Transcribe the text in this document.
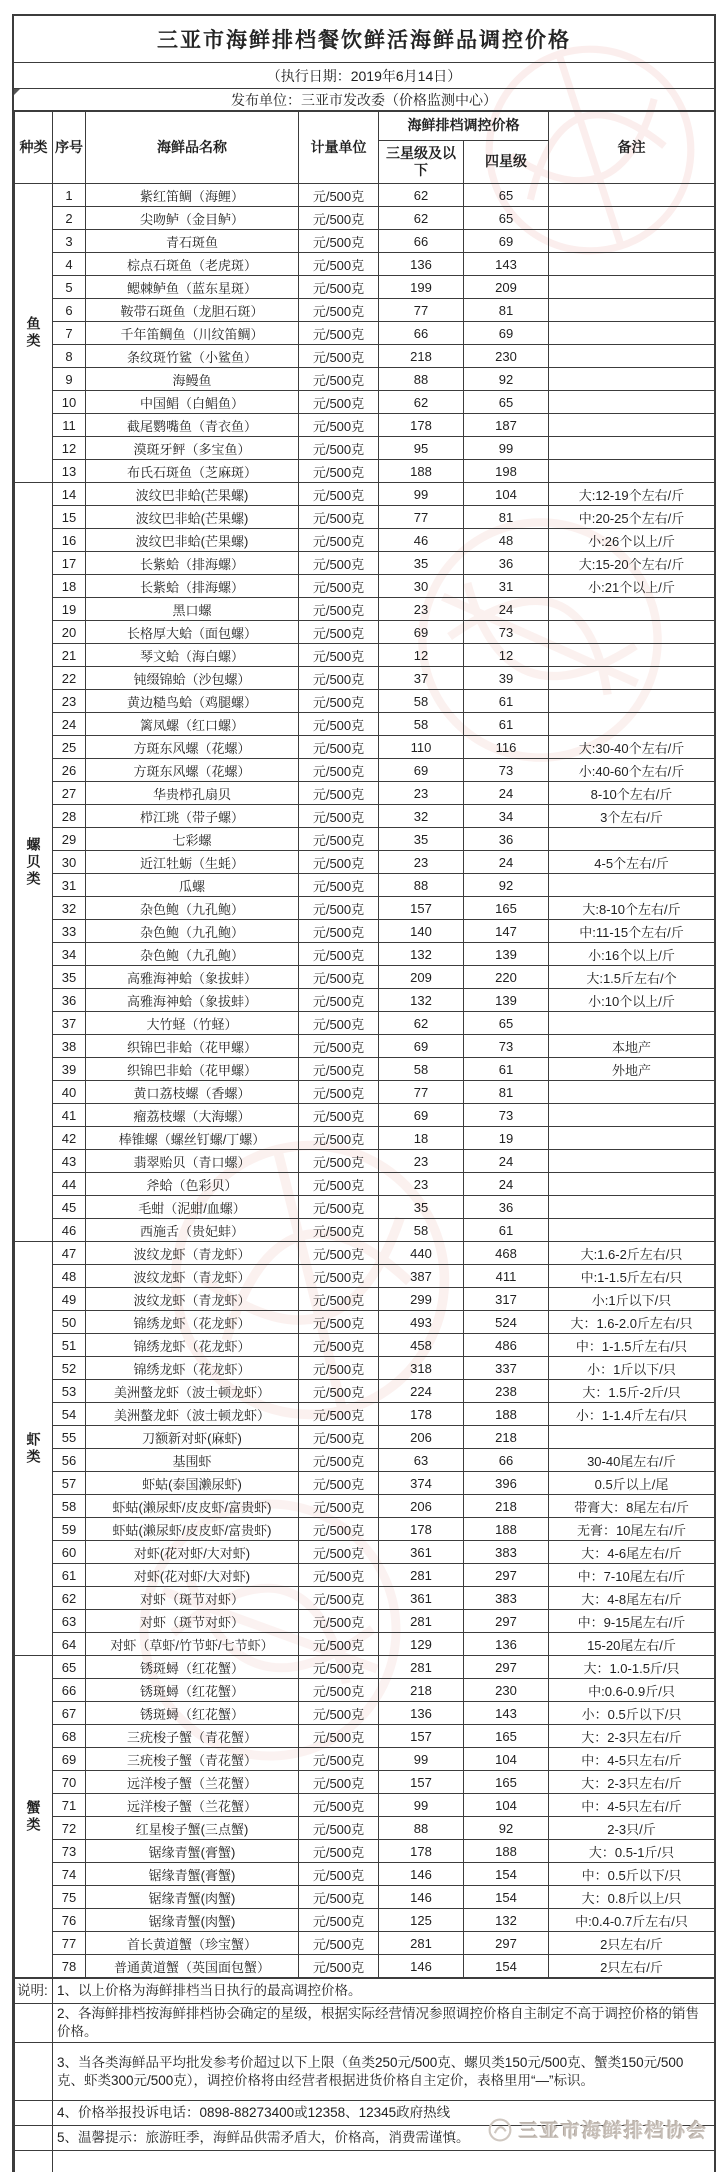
三亚市海鲜排档餐饮鲜活海鲜品调控价格
（执行日期：2019年6月14日）
发布单位：三亚市发改委（价格监测中心）
种类	序号	海鲜品名称	计量单位	海鲜排档调控价格		备注
				三星级及以下	四星级	
鱼类	1	紫红笛鲷（海鲤）	元/500克	62	65	
	2	尖吻鲈（金目鲈）	元/500克	62	65	
	3	青石斑鱼	元/500克	66	69	
	4	棕点石斑鱼（老虎斑）	元/500克	136	143	
	5	鳃棘鲈鱼（蓝东星斑）	元/500克	199	209	
	6	鞍带石斑鱼（龙胆石斑）	元/500克	77	81	
	7	千年笛鲷鱼（川纹笛鲷）	元/500克	66	69	
	8	条纹斑竹鲨（小鲨鱼）	元/500克	218	230	
	9	海鳗鱼	元/500克	88	92	
	10	中国鲳（白鲳鱼）	元/500克	62	65	
	11	截尾鹦嘴鱼（青衣鱼）	元/500克	178	187	
	12	漠斑牙鲆（多宝鱼）	元/500克	95	99	
	13	布氏石斑鱼（芝麻斑）	元/500克	188	198	
螺贝类	14	波纹巴非蛤(芒果螺)	元/500克	99	104	大:12-19个左右/斤
	15	波纹巴非蛤(芒果螺)	元/500克	77	81	中:20-25个左右/斤
	16	波纹巴非蛤(芒果螺)	元/500克	46	48	小:26个以上/斤
	17	长紫蛤（排海螺）	元/500克	35	36	大:15-20个左右/斤
	18	长紫蛤（排海螺）	元/500克	30	31	小:21个以上/斤
	19	黑口螺	元/500克	23	24	
	20	长格厚大蛤（面包螺）	元/500克	69	73	
	21	琴文蛤（海白螺）	元/500克	12	12	
	22	钝缀锦蛤（沙包螺）	元/500克	37	39	
	23	黄边糙鸟蛤（鸡腿螺）	元/500克	58	61	
	24	篱凤螺（红口螺）	元/500克	58	61	
	25	方斑东风螺（花螺）	元/500克	110	116	大:30-40个左右/斤
	26	方斑东风螺（花螺）	元/500克	69	73	小:40-60个左右/斤
	27	华贵栉孔扇贝	元/500克	23	24	8-10个左右/斤
	28	栉江珧（带子螺）	元/500克	32	34	3个左右/斤
	29	七彩螺	元/500克	35	36	
	30	近江牡蛎（生蚝）	元/500克	23	24	4-5个左右/斤
	31	瓜螺	元/500克	88	92	
	32	杂色鲍（九孔鲍）	元/500克	157	165	大:8-10个左右/斤
	33	杂色鲍（九孔鲍）	元/500克	140	147	中:11-15个左右/斤
	34	杂色鲍（九孔鲍）	元/500克	132	139	小:16个以上/斤
	35	高雅海神蛤（象拔蚌）	元/500克	209	220	大:1.5斤左右/个
	36	高雅海神蛤（象拔蚌）	元/500克	132	139	小:10个以上/斤
	37	大竹蛏（竹蛏）	元/500克	62	65	
	38	织锦巴非蛤（花甲螺）	元/500克	69	73	本地产
	39	织锦巴非蛤（花甲螺）	元/500克	58	61	外地产
	40	黄口荔枝螺（香螺）	元/500克	77	81	
	41	瘤荔枝螺（大海螺）	元/500克	69	73	
	42	棒锥螺（螺丝钉螺/丁螺）	元/500克	18	19	
	43	翡翠贻贝（青口螺）	元/500克	23	24	
	44	斧蛤（色彩贝）	元/500克	23	24	
	45	毛蚶（泥蚶/血螺）	元/500克	35	36	
	46	西施舌（贵妃蚌）	元/500克	58	61	
虾类	47	波纹龙虾（青龙虾）	元/500克	440	468	大:1.6-2斤左右/只
	48	波纹龙虾（青龙虾）	元/500克	387	411	中:1-1.5斤左右/只
	49	波纹龙虾（青龙虾）	元/500克	299	317	小:1斤以下/只
	50	锦绣龙虾（花龙虾）	元/500克	493	524	大：1.6-2.0斤左右/只
	51	锦绣龙虾（花龙虾）	元/500克	458	486	中：1-1.5斤左右/只
	52	锦绣龙虾（花龙虾）	元/500克	318	337	小：1斤以下/只
	53	美洲螯龙虾（波士顿龙虾）	元/500克	224	238	大：1.5斤-2斤/只
	54	美洲螯龙虾（波士顿龙虾）	元/500克	178	188	小：1-1.4斤左右/只
	55	刀额新对虾(麻虾)	元/500克	206	218	
	56	基围虾	元/500克	63	66	30-40尾左右/斤
	57	虾蛄(泰国濑尿虾)	元/500克	374	396	0.5斤以上/尾
	58	虾蛄(濑尿虾/皮皮虾/富贵虾)	元/500克	206	218	带膏大：8尾左右/斤
	59	虾蛄(濑尿虾/皮皮虾/富贵虾)	元/500克	178	188	无膏：10尾左右/斤
	60	对虾(花对虾/大对虾)	元/500克	361	383	大：4-6尾左右/斤
	61	对虾(花对虾/大对虾)	元/500克	281	297	中：7-10尾左右/斤
	62	对虾（斑节对虾）	元/500克	361	383	大：4-8尾左右/斤
	63	对虾（斑节对虾）	元/500克	281	297	中：9-15尾左右/斤
	64	对虾（草虾/竹节虾/七节虾）	元/500克	129	136	15-20尾左右/斤
蟹类	65	锈斑蟳（红花蟹）	元/500克	281	297	大：1.0-1.5斤/只
	66	锈斑蟳（红花蟹）	元/500克	218	230	中:0.6-0.9斤/只
	67	锈斑蟳（红花蟹）	元/500克	136	143	小：0.5斤以下/只
	68	三疣梭子蟹（青花蟹）	元/500克	157	165	大：2-3只左右/斤
	69	三疣梭子蟹（青花蟹）	元/500克	99	104	中：4-5只左右/斤
	70	远洋梭子蟹（兰花蟹）	元/500克	157	165	大：2-3只左右/斤
	71	远洋梭子蟹（兰花蟹）	元/500克	99	104	中：4-5只左右/斤
	72	红星梭子蟹(三点蟹)	元/500克	88	92	2-3只/斤
	73	锯缘青蟹(膏蟹)	元/500克	178	188	大：0.5-1斤/只
	74	锯缘青蟹(膏蟹)	元/500克	146	154	中：0.5斤以下/只
	75	锯缘青蟹(肉蟹)	元/500克	146	154	大：0.8斤以上/只
	76	锯缘青蟹(肉蟹)	元/500克	125	132	中:0.4-0.7斤左右/只
	77	首长黄道蟹（珍宝蟹）	元/500克	281	297	2只左右/斤
	78	普通黄道蟹（英国面包蟹）	元/500克	146	154	2只左右/斤
说明:	1、以上价格为海鲜排档当日执行的最高调控价格。
	2、各海鲜排档按海鲜排档协会确定的星级，根据实际经营情况参照调控价格自主制定不高于调控价格的销售价格。
	3、当各类海鲜品平均批发参考价超过以下上限（鱼类250元/500克、螺贝类150元/500克、蟹类150元/500克、虾类300元/500克），调控价格将由经营者根据进货价格自主定价，表格里用“—”标识。
	4、价格举报投诉电话：0898-88273400或12358、12345政府热线
	5、温馨提示：旅游旺季，海鲜品供需矛盾大，价格高，消费需谨慎。
		三亚市海鲜排档协会
